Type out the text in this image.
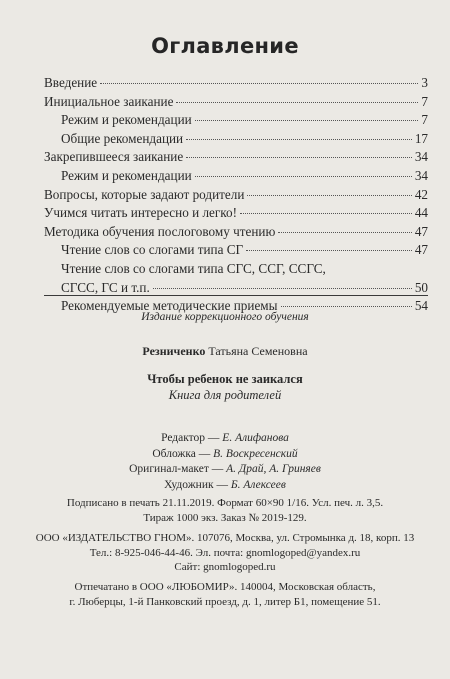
Оглавление
Введение	3
Инициальное заикание	7
Режим и рекомендации	7
Общие рекомендации	17
Закрепившееся заикание	34
Режим и рекомендации	34
Вопросы, которые задают родители	42
Учимся читать интересно и легко!	44
Методика обучения послоговому чтению	47
Чтение слов со слогами типа СГ	47
Чтение слов со слогами типа СГС, ССГ, ССГС,
СГСС, ГС и т.п.	50
Рекомендуемые методические приемы	54
Издание коррекционного обучения
Резниченко Татьяна Семеновна
Чтобы ребенок не заикался
Книга для родителей
Редактор — Е. Алифанова
Обложка — В. Воскресенский
Оригинал-макет — А. Драй, А. Гриняев
Художник — Б. Алексеев
Подписано в печать 21.11.2019. Формат 60×90 1/16. Усл. печ. л. 3,5.
Тираж 1000 экз. Заказ № 2019-129.
ООО «ИЗДАТЕЛЬСТВО ГНОМ». 107076, Москва, ул. Стромынка д. 18, корп. 13
Тел.: 8-925-046-44-46. Эл. почта: gnomlogoped@yandex.ru
Сайт: gnomlogoped.ru
Отпечатано в ООО «ЛЮБОМИР». 140004, Московская область,
г. Люберцы, 1-й Панковский проезд, д. 1, литер Б1, помещение 51.
